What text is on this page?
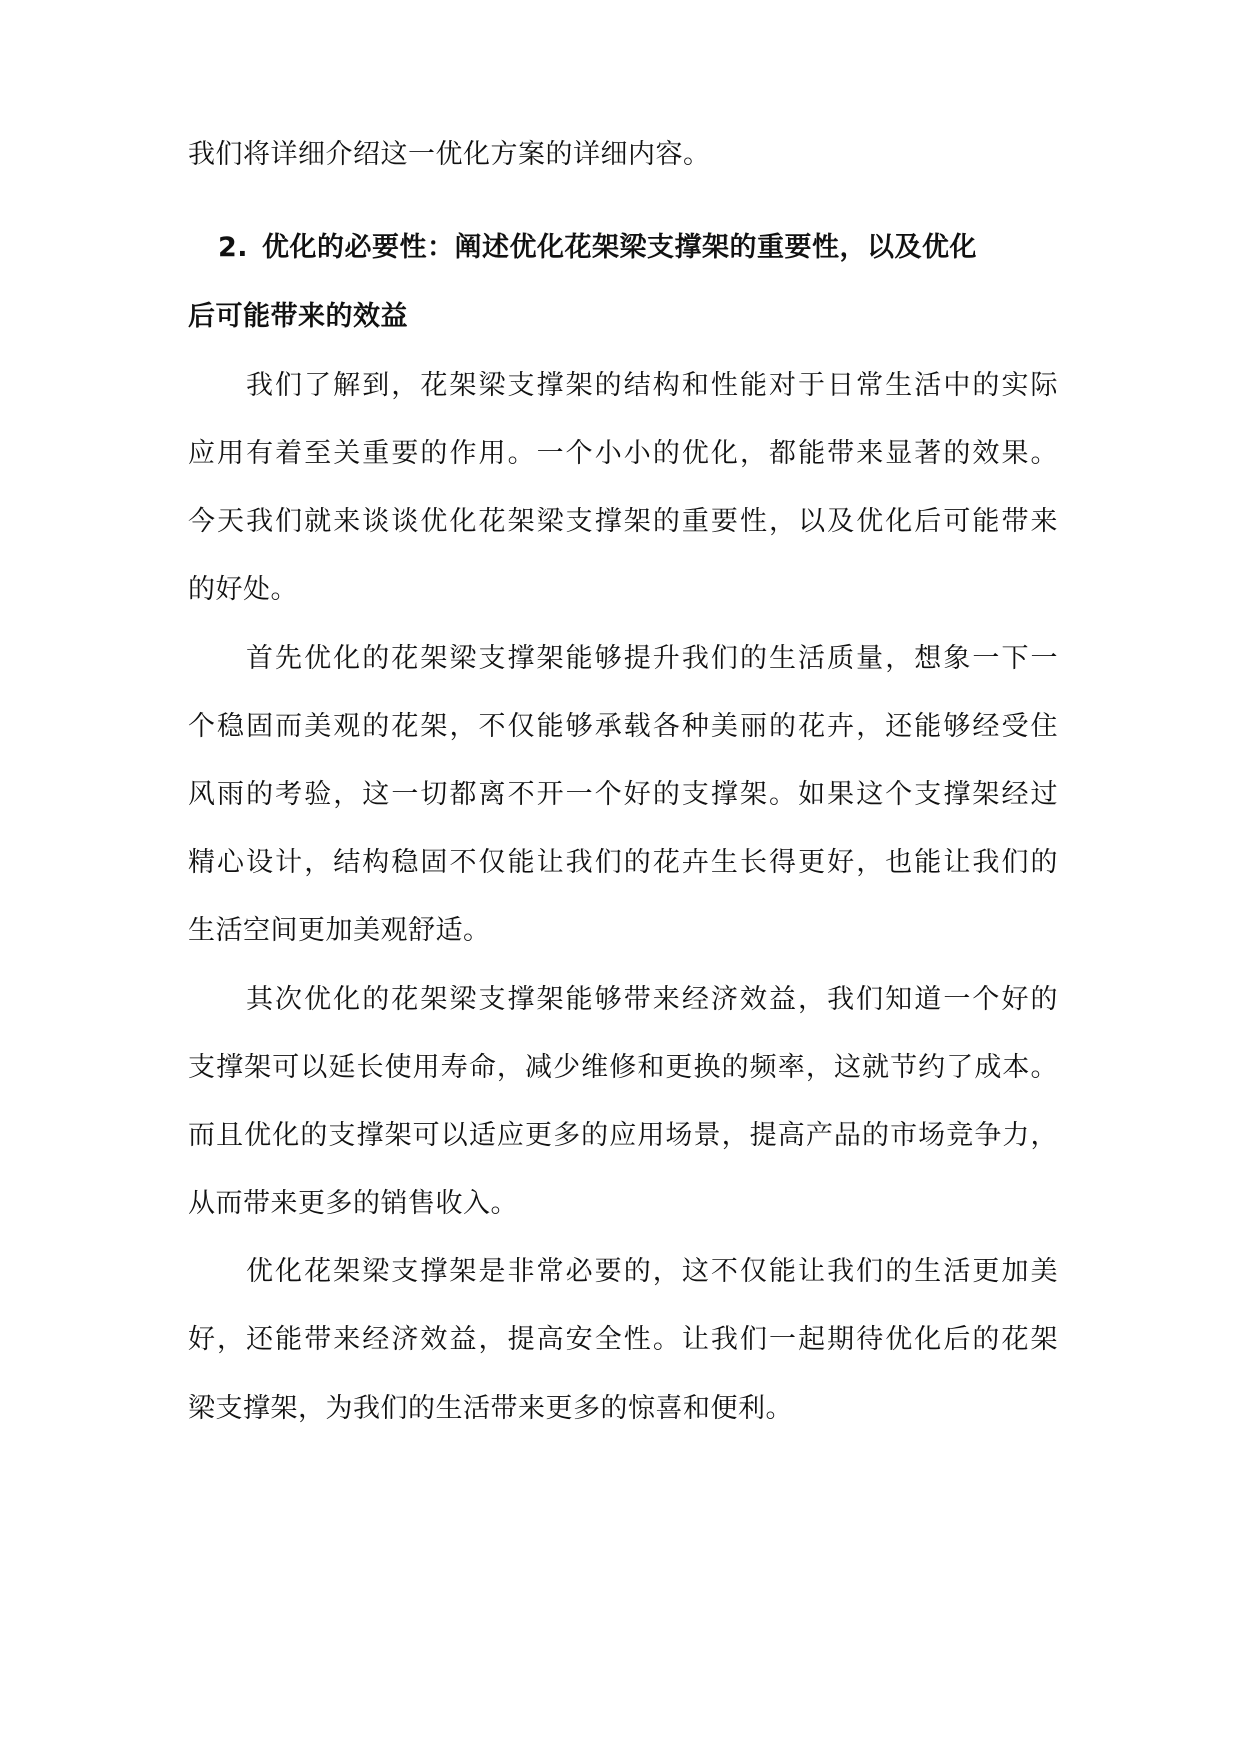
我们将详细介绍这一优化方案的详细内容。
2. 优化的必要性：阐述优化花架梁支撑架的重要性，以及优化
后可能带来的效益
我们了解到，花架梁支撑架的结构和性能对于日常生活中的实际
应用有着至关重要的作用。一个小小的优化，都能带来显著的效果。
今天我们就来谈谈优化花架梁支撑架的重要性，以及优化后可能带来
的好处。
首先优化的花架梁支撑架能够提升我们的生活质量，想象一下一
个稳固而美观的花架，不仅能够承载各种美丽的花卉，还能够经受住
风雨的考验，这一切都离不开一个好的支撑架。如果这个支撑架经过
精心设计，结构稳固不仅能让我们的花卉生长得更好，也能让我们的
生活空间更加美观舒适。
其次优化的花架梁支撑架能够带来经济效益，我们知道一个好的
支撑架可以延长使用寿命，减少维修和更换的频率，这就节约了成本。
而且优化的支撑架可以适应更多的应用场景，提高产品的市场竞争力，
从而带来更多的销售收入。
优化花架梁支撑架是非常必要的，这不仅能让我们的生活更加美
好，还能带来经济效益，提高安全性。让我们一起期待优化后的花架
梁支撑架，为我们的生活带来更多的惊喜和便利。
